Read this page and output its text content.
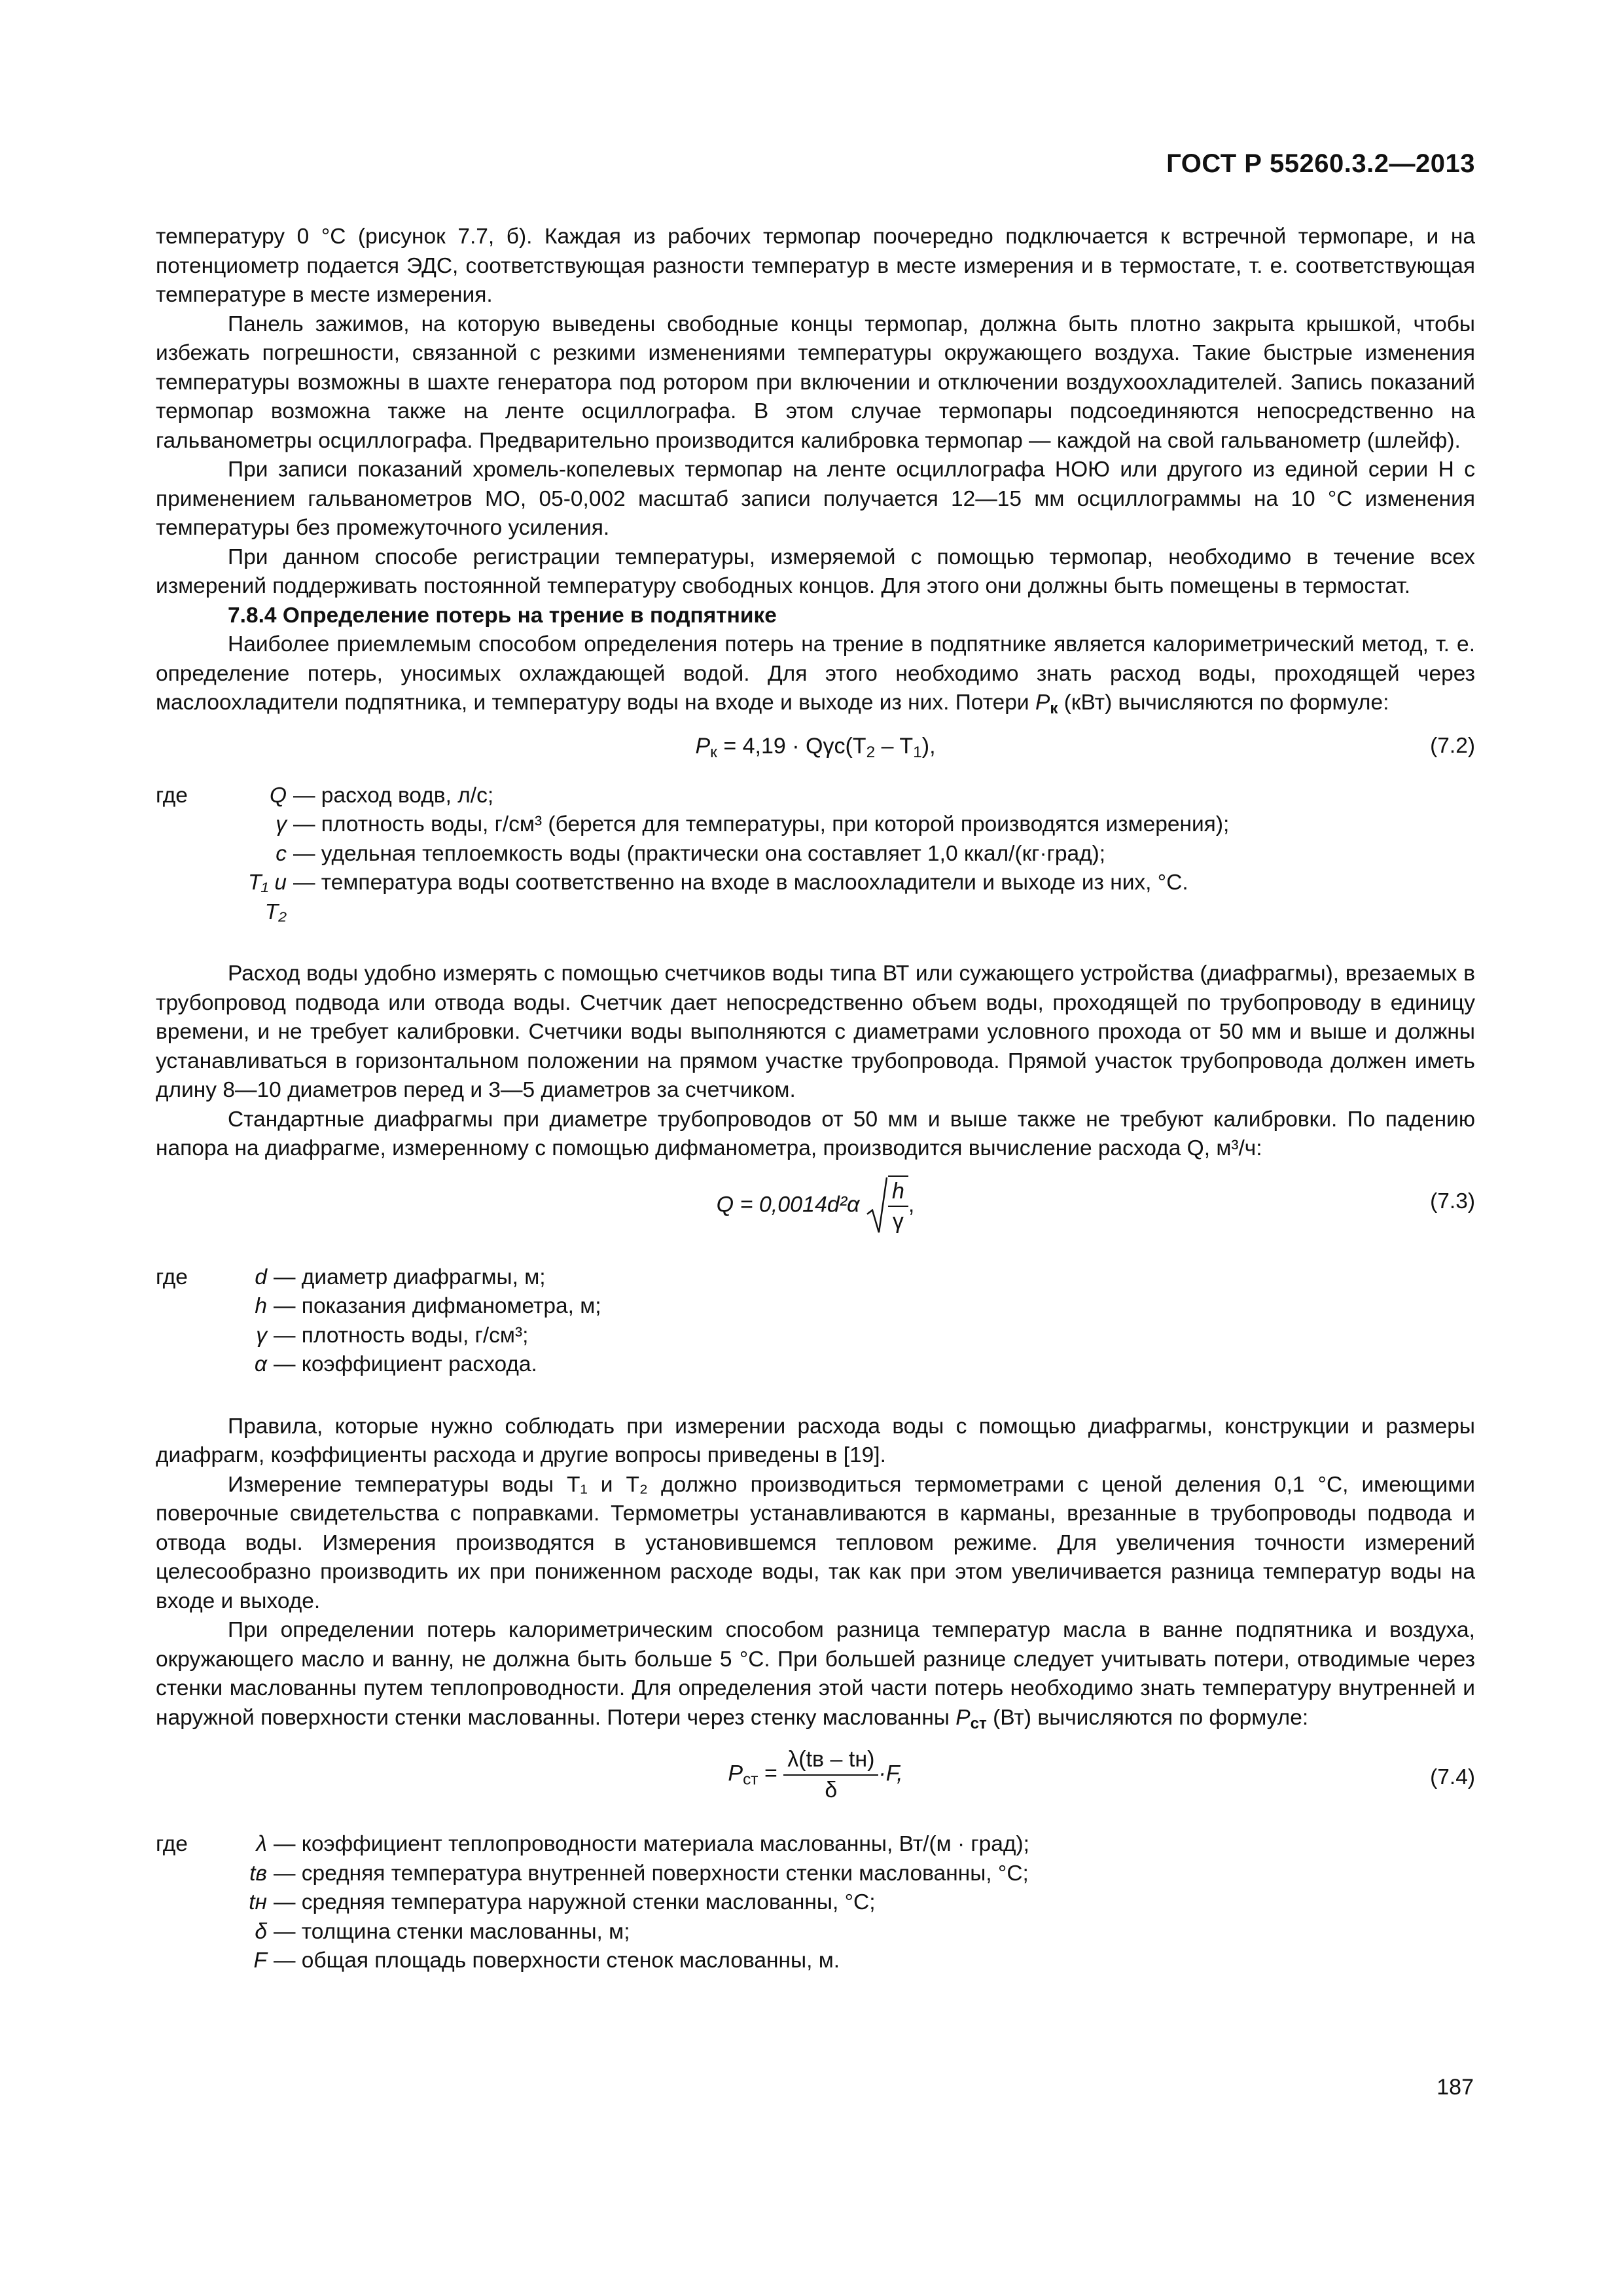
ГОСТ Р 55260.3.2—2013

температуру 0 °С (рисунок 7.7, б). Каждая из рабочих термопар поочередно подключается к встречной термопаре, и на потенциометр подается ЭДС, соответствующая разности температур в месте измерения и в термостате, т. е. соответствующая температуре в месте измерения.

Панель зажимов, на которую выведены свободные концы термопар, должна быть плотно закрыта крышкой, чтобы избежать погрешности, связанной с резкими изменениями температуры окружающего воздуха. Такие быстрые изменения температуры возможны в шахте генератора под ротором при включении и отключении воздухоохладителей. Запись показаний термопар возможна также на ленте осциллографа. В этом случае термопары подсоединяются непосредственно на гальванометры осциллографа. Предварительно производится калибровка термопар — каждой на свой гальванометр (шлейф).

При записи показаний хромель-копелевых термопар на ленте осциллографа НОЮ или другого из единой серии Н с применением гальванометров МО, 05-0,002 масштаб записи получается 12—15 мм осциллограммы на 10 °С изменения температуры без промежуточного усиления.

При данном способе регистрации температуры, измеряемой с помощью термопар, необходимо в течение всех измерений поддерживать постоянной температуру свободных концов. Для этого они должны быть помещены в термостат.

7.8.4 Определение потерь на трение в подпятнике

Наиболее приемлемым способом определения потерь на трение в подпятнике является калориметрический метод, т. е. определение потерь, уносимых охлаждающей водой. Для этого необходимо знать расход воды, проходящей через маслоохладители подпятника, и температуру воды на входе и выходе из них. Потери $P_к$ (кВт) вычисляются по формуле:

$P_к = 4,19 \cdot Q\gamma c(T_2 - T_1)$,	(7.2)
где	Q — расход водв, л/с;
γ — плотность воды, г/см³ (берется для температуры, при которой производятся измерения);
c — удельная теплоемкость воды (практически она составляет 1,0 ккал/(кг·град);
T₁ и T₂
— температура воды соответственно на входе в маслоохладители и выходе из них, °С.

Расход воды удобно измерять с помощью счетчиков воды типа ВТ или сужающего устройства (диафрагмы), врезаемых в трубопровод подвода или отвода воды. Счетчик дает непосредственно объем воды, проходящей по трубопроводу в единицу времени, и не требует калибровки. Счетчики воды выполняются с диаметрами условного прохода от 50 мм и выше и должны устанавливаться в горизонтальном положении на прямом участке трубопровода. Прямой участок трубопровода должен иметь длину 8—10 диаметров перед и 3—5 диаметров за счетчиком.

Стандартные диафрагмы при диаметре трубопроводов от 50 мм и выше также не требуют калибровки. По падению напора на диафрагме, измеренному с помощью дифманометра, производится вычисление расхода Q, м³/ч:

$Q = 0,0014d^2\alpha \frac{h}{\gamma}$ ,	(7.3)
где	d — диаметр диафрагмы, м;
h — показания дифманометра, м;
γ — плотность воды, г/см³;
α — коэффициент расхода.

Правила, которые нужно соблюдать при измерении расхода воды с помощью диафрагмы, конструкции и размеры диафрагм, коэффициенты расхода и другие вопросы приведены в [19].

Измерение температуры воды T₁ и T₂ должно производиться термометрами с ценой деления 0,1 °С, имеющими поверочные свидетельства с поправками. Термометры устанавливаются в карманы, врезанные в трубопроводы подвода и отвода воды. Измерения производятся в установившемся тепловом режиме. Для увеличения точности измерений целесообразно производить их при пониженном расходе воды, так как при этом увеличивается разница температур воды на входе и выходе.

При определении потерь калориметрическим способом разница температур масла в ванне подпятника и воздуха, окружающего масло и ванну, не должна быть больше 5 °С. При большей разнице следует учитывать потери, отводимые через стенки маслованны путем теплопроводности. Для определения этой части потерь необходимо знать температуру внутренней и наружной поверхности стенки маслованны. Потери через стенку маслованны $P_{ст}$ (Вт) вычисляются по формуле:

$P_{ст} = \frac{\lambda(tв - tн)}{\delta} \cdot F$,	(7.4)
где	λ — коэффициент теплопроводности материала маслованны, Вт/(м · град);
tв — средняя температура внутренней поверхности стенки маслованны, °С;
tн — средняя температура наружной стенки маслованны, °С;
δ — толщина стенки маслованны, м;
F — общая площадь поверхности стенок маслованны, м.
187
